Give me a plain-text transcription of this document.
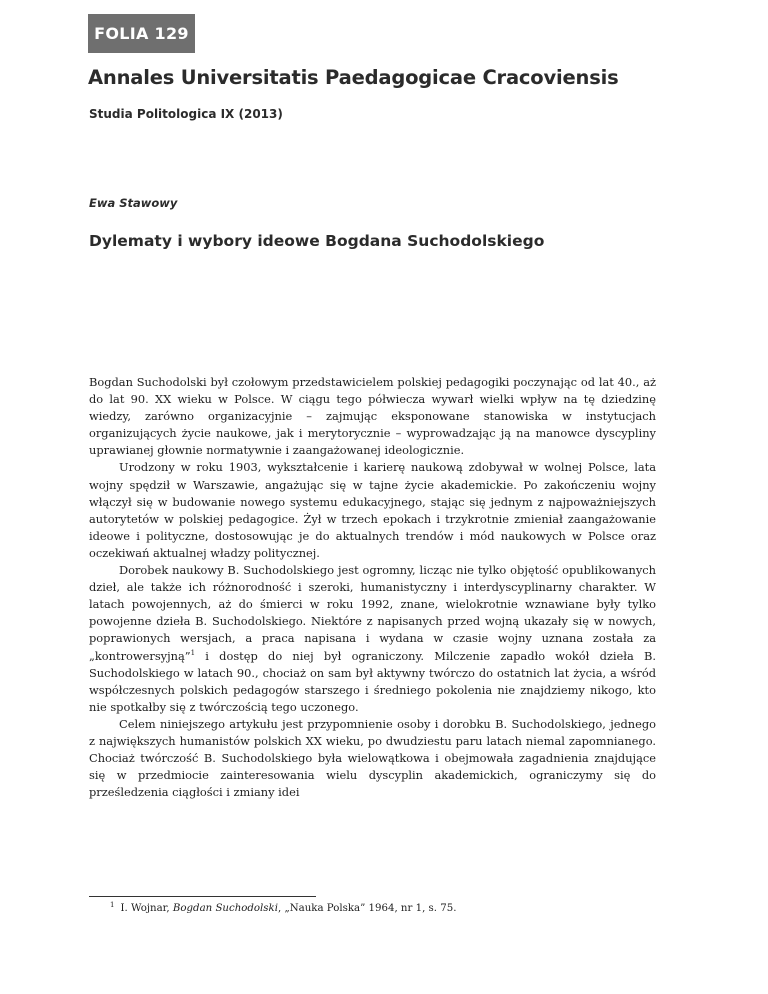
FOLIA 129
Annales Universitatis Paedagogicae Cracoviensis
Studia Politologica IX (2013)
Ewa Stawowy
Dylematy i wybory ideowe Bogdana Suchodolskiego

Bogdan Suchodolski był czołowym przedstawicielem polskiej pedagogiki poczynając od lat 40., aż do lat 90. XX wieku w Polsce. W ciągu tego półwiecza wywarł wielki wpływ na tę dziedzinę wiedzy, zarówno organizacyjnie – zajmując eksponowane stanowiska w instytucjach organizujących życie naukowe, jak i merytorycznie – wyprowadzając ją na manowce dyscypliny uprawianej głownie normatywnie i zaangażowanej ideologicznie.

Urodzony w roku 1903, wykształcenie i karierę naukową zdobywał w wolnej Polsce, lata wojny spędził w Warszawie, angażując się w tajne życie akademickie. Po zakończeniu wojny włączył się w budowanie nowego systemu edukacyjnego, stając się jednym z najpoważniejszych autorytetów w polskiej pedagogice. Żył w trzech epokach i trzykrotnie zmieniał zaangażowanie ideowe i polityczne, dostosowując je do aktualnych trendów i mód naukowych w Polsce oraz oczekiwań aktualnej władzy politycznej.

Dorobek naukowy B. Suchodolskiego jest ogromny, licząc nie tylko objętość opublikowanych dzieł, ale także ich różnorodność i szeroki, humanistyczny i interdyscyplinarny charakter. W latach powojennych, aż do śmierci w roku 1992, znane, wielokrotnie wznawiane były tylko powojenne dzieła B. Suchodolskiego. Niektóre z napisanych przed wojną ukazały się w nowych, poprawionych wersjach, a praca napisana i wydana w czasie wojny uznana została za „kontrowersyjną”$^1$ i dostęp do niej był ograniczony. Milczenie zapadło wokół dzieła B. Suchodolskiego w latach 90., chociaż on sam był aktywny twórczo do ostatnich lat życia, a wśród współczesnych polskich pedagogów starszego i średniego pokolenia nie znajdziemy nikogo, kto nie spotkałby się z twórczością tego uczonego.

Celem niniejszego artykułu jest przypomnienie osoby i dorobku B. Suchodolskiego, jednego z największych humanistów polskich XX wieku, po dwudziestu paru latach niemal zapomnianego. Chociaż twórczość B. Suchodolskiego była wielowątkowa i obejmowała zagadnienia znajdujące się w przedmiocie zainteresowania wielu dyscyplin akademickich, ograniczymy się do prześledzenia ciągłości i zmiany idei

$^1$ I. Wojnar, Bogdan Suchodolski, „Nauka Polska” 1964, nr 1, s. 75.
